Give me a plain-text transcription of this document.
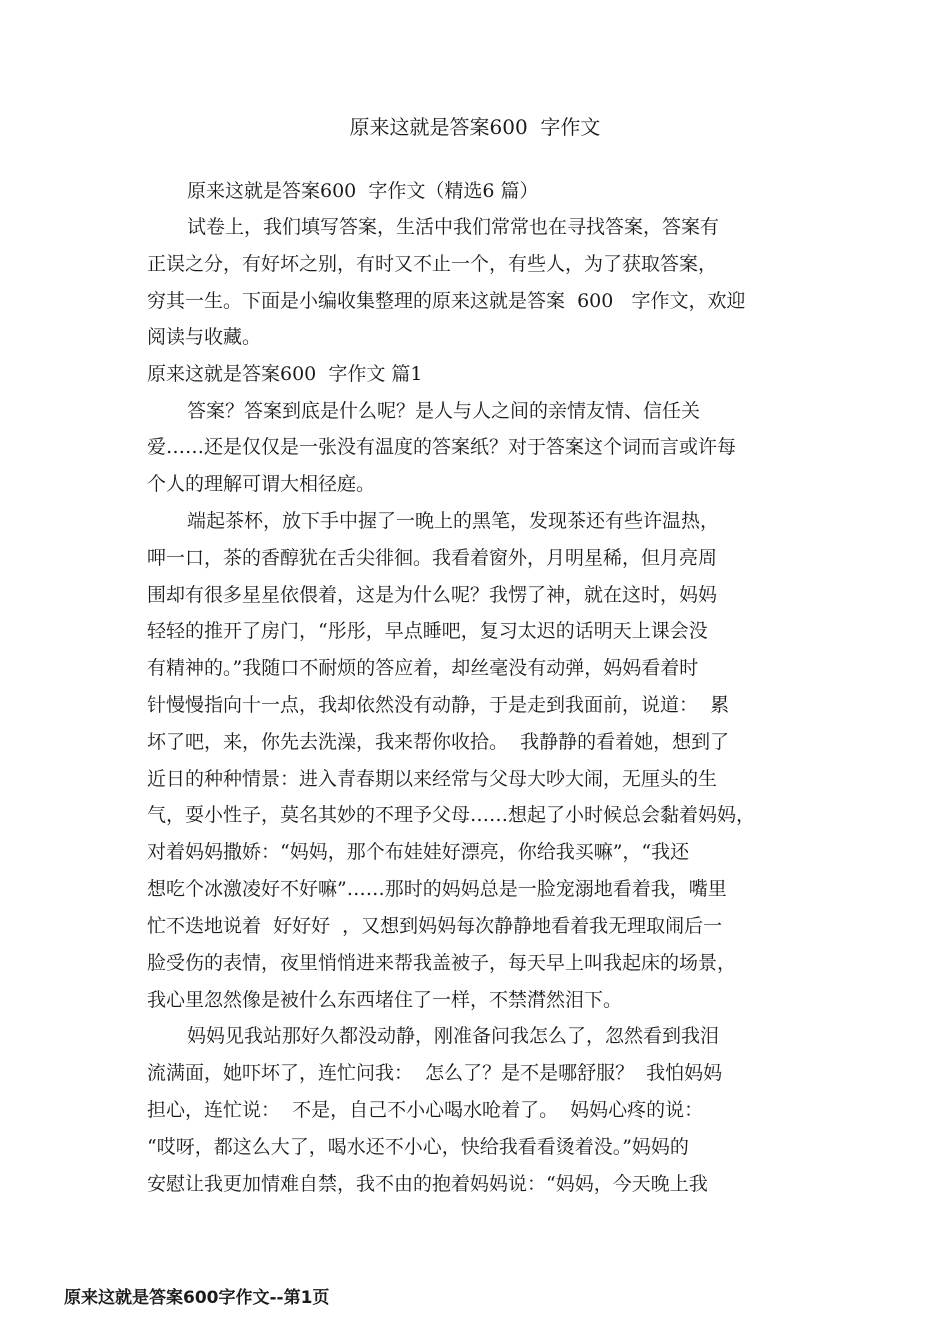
原来这就是答案600  字作文
原来这就是答案600  字作文（精选6 篇）
试卷上，我们填写答案，生活中我们常常也在寻找答案，答案有
正误之分，有好坏之别，有时又不止一个，有些人，为了获取答案，
穷其一生。下面是小编收集整理的原来这就是答案  600   字作文，欢迎
阅读与收藏。
原来这就是答案600  字作文 篇1
答案？答案到底是什么呢？是人与人之间的亲情友情、信任关
爱……还是仅仅是一张没有温度的答案纸？对于答案这个词而言或许每
个人的理解可谓大相径庭。
端起茶杯，放下手中握了一晚上的黑笔，发现茶还有些许温热，
呷一口，茶的香醇犹在舌尖徘徊。我看着窗外，月明星稀，但月亮周
围却有很多星星依偎着，这是为什么呢？我愣了神，就在这时，妈妈
轻轻的推开了房门，“彤彤，早点睡吧，复习太迟的话明天上课会没
有精神的。”我随口不耐烦的答应着，却丝毫没有动弹，妈妈看着时
针慢慢指向十一点，我却依然没有动静，于是走到我面前，说道：  累
坏了吧，来，你先去洗澡，我来帮你收拾。  我静静的看着她，想到了
近日的种种情景：进入青春期以来经常与父母大吵大闹，无厘头的生
气，耍小性子，莫名其妙的不理予父母……想起了小时候总会黏着妈妈，
对着妈妈撒娇：“妈妈，那个布娃娃好漂亮，你给我买嘛”，“我还
想吃个冰激凌好不好嘛”……那时的妈妈总是一脸宠溺地看着我，嘴里
忙不迭地说着  好好好  ，又想到妈妈每次静静地看着我无理取闹后一
脸受伤的表情，夜里悄悄进来帮我盖被子，每天早上叫我起床的场景，
我心里忽然像是被什么东西堵住了一样，不禁潸然泪下。
妈妈见我站那好久都没动静，刚准备问我怎么了，忽然看到我泪
流满面，她吓坏了，连忙问我：  怎么了？是不是哪舒服？  我怕妈妈
担心，连忙说：  不是，自己不小心喝水呛着了。  妈妈心疼的说：
“哎呀，都这么大了，喝水还不小心，快给我看看烫着没。”妈妈的
安慰让我更加情难自禁，我不由的抱着妈妈说：“妈妈，今天晚上我
原来这就是答案600字作文--第1页
